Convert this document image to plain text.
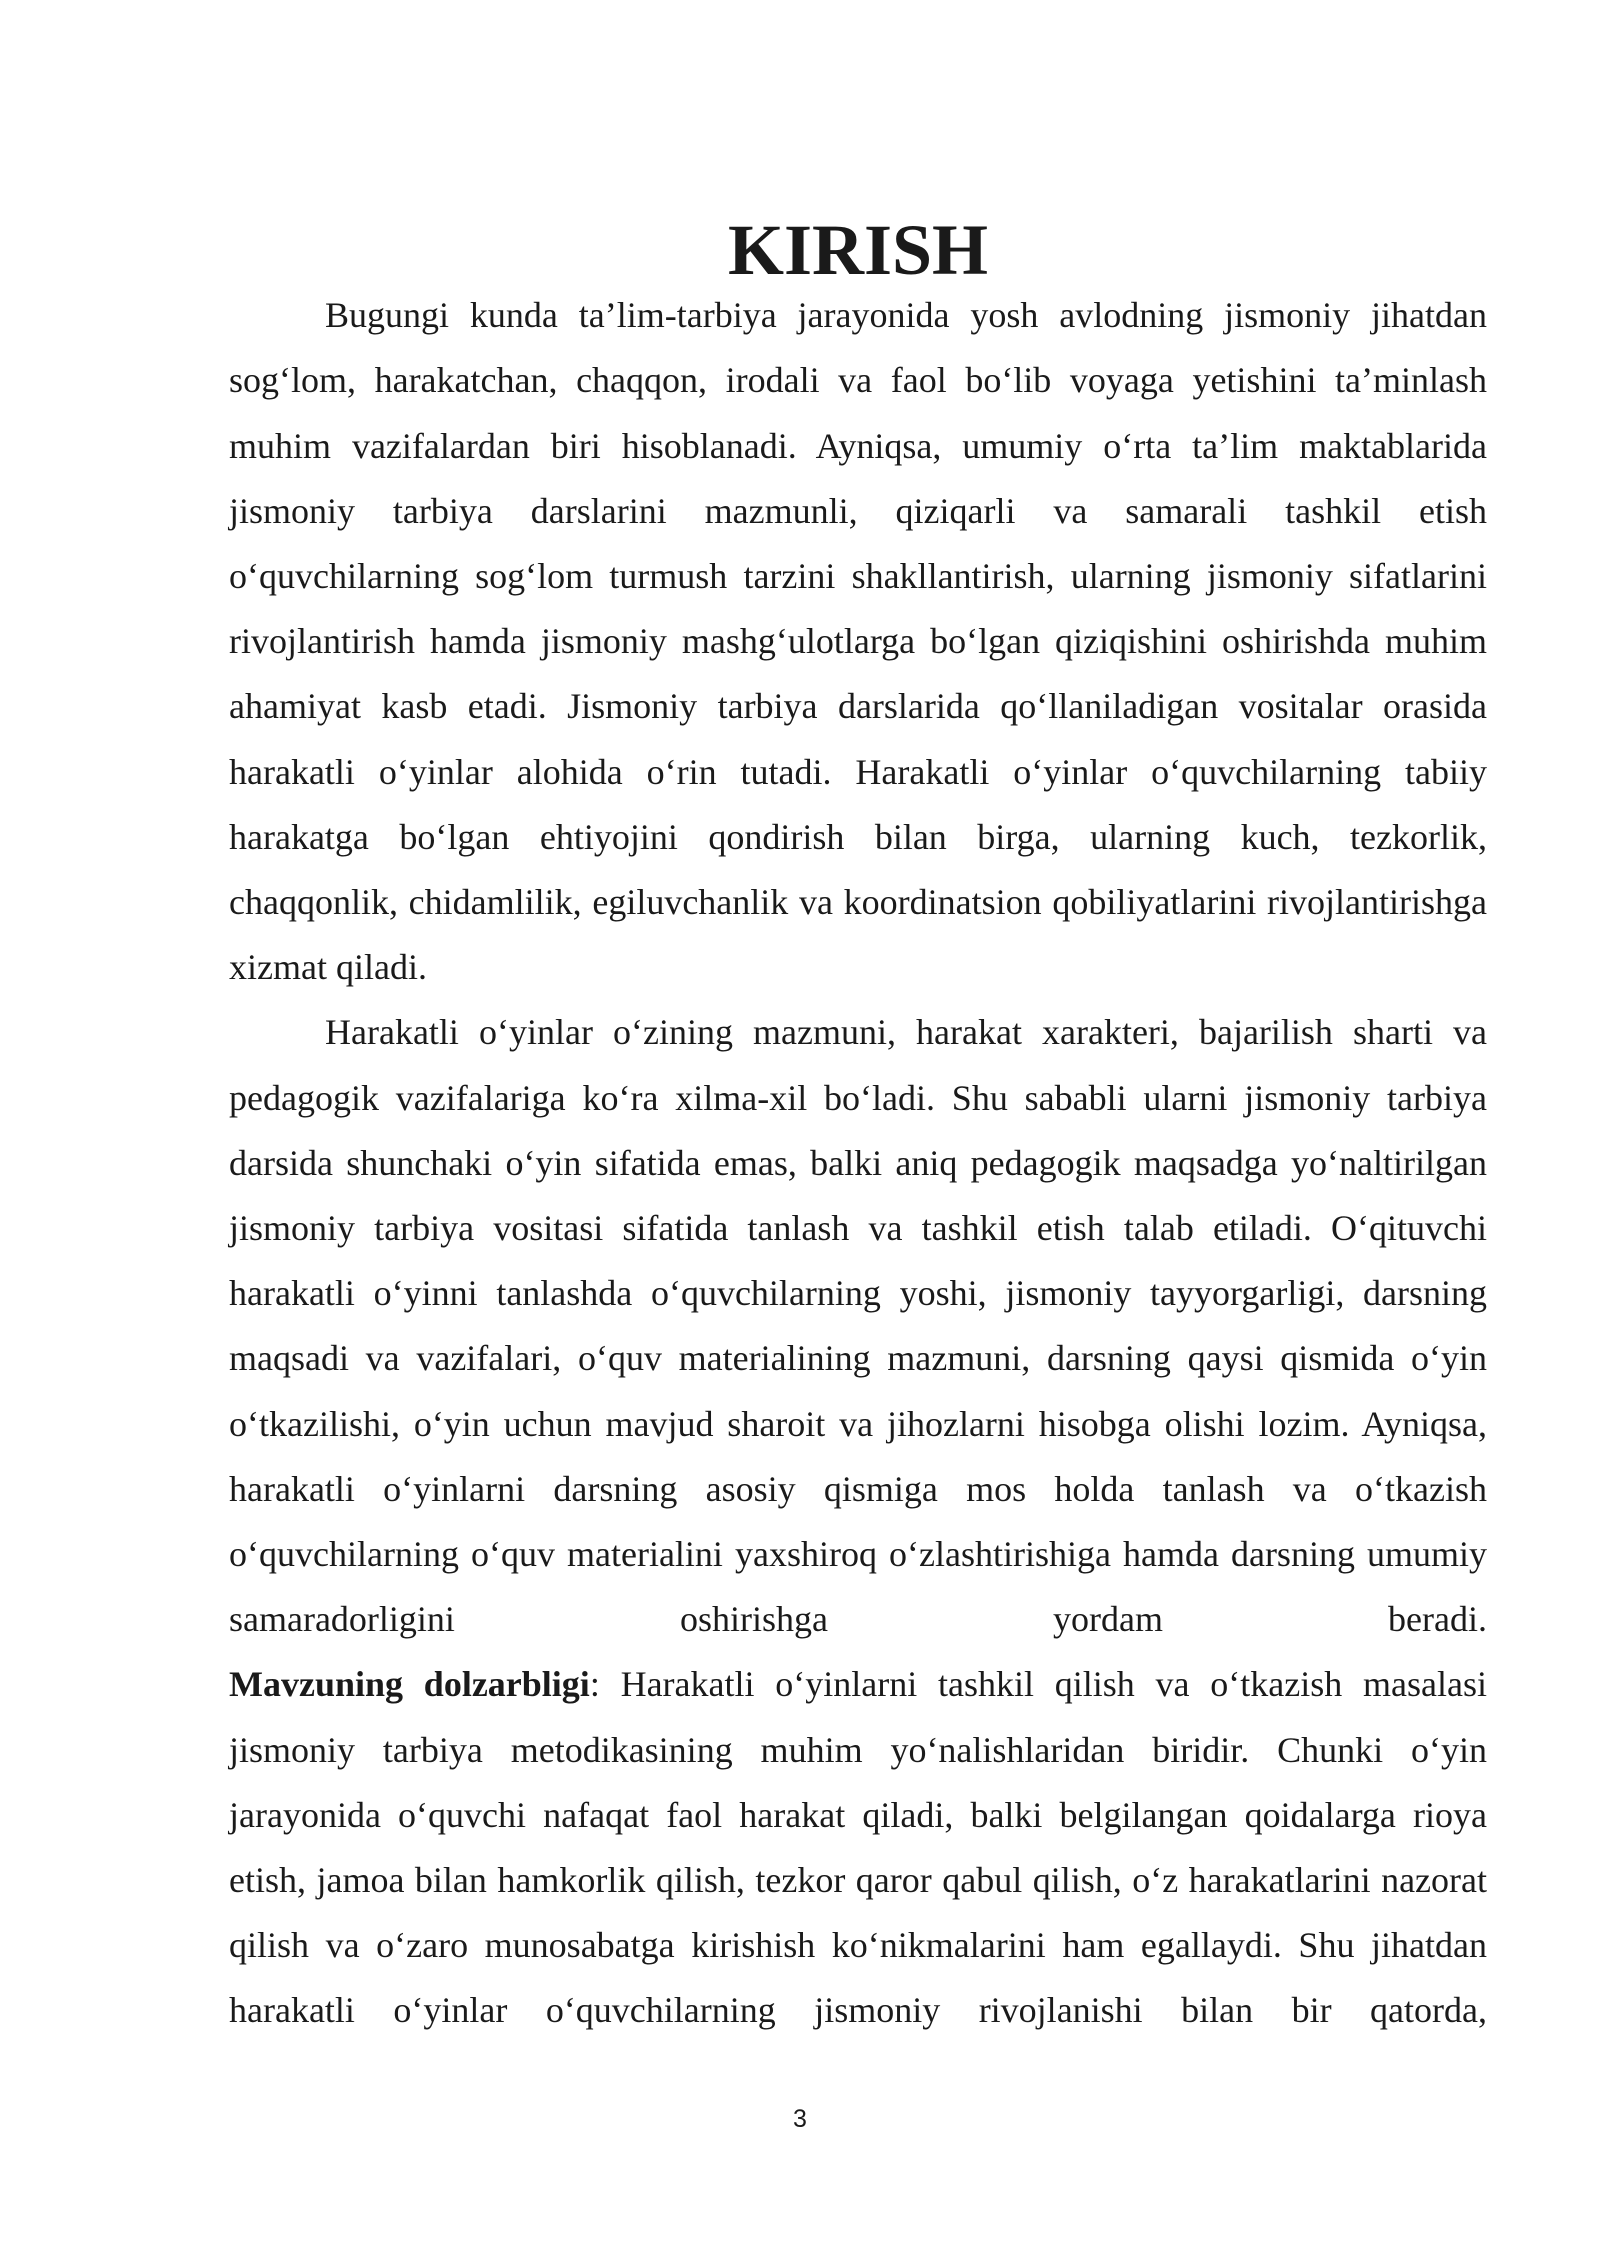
KIRISH

Bugungi kunda ta’lim-tarbiya jarayonida yosh avlodning jismoniy jihatdan sog‘lom, harakatchan, chaqqon, irodali va faol bo‘lib voyaga yetishini ta’minlash muhim vazifalardan biri hisoblanadi. Ayniqsa, umumiy o‘rta ta’lim maktablarida jismoniy tarbiya darslarini mazmunli, qiziqarli va samarali tashkil etish o‘quvchilarning sog‘lom turmush tarzini shakllantirish, ularning jismoniy sifatlarini rivojlantirish hamda jismoniy mashg‘ulotlarga bo‘lgan qiziqishini oshirishda muhim ahamiyat kasb etadi. Jismoniy tarbiya darslarida qo‘llaniladigan vositalar orasida harakatli o‘yinlar alohida o‘rin tutadi. Harakatli o‘yinlar o‘quvchilarning tabiiy harakatga bo‘lgan ehtiyojini qondirish bilan birga, ularning kuch, tezkorlik, chaqqonlik, chidamlilik, egiluvchanlik va koordinatsion qobiliyatlarini rivojlantirishga xizmat qiladi.

Harakatli o‘yinlar o‘zining mazmuni, harakat xarakteri, bajarilish sharti va pedagogik vazifalariga ko‘ra xilma-xil bo‘ladi. Shu sababli ularni jismoniy tarbiya darsida shunchaki o‘yin sifatida emas, balki aniq pedagogik maqsadga yo‘naltirilgan jismoniy tarbiya vositasi sifatida tanlash va tashkil etish talab etiladi. O‘qituvchi harakatli o‘yinni tanlashda o‘quvchilarning yoshi, jismoniy tayyorgarligi, darsning maqsadi va vazifalari, o‘quv materialining mazmuni, darsning qaysi qismida o‘yin o‘tkazilishi, o‘yin uchun mavjud sharoit va jihozlarni hisobga olishi lozim. Ayniqsa, harakatli o‘yinlarni darsning asosiy qismiga mos holda tanlash va o‘tkazish o‘quvchilarning o‘quv materialini yaxshiroq o‘zlashtirishiga hamda darsning umumiy samaradorligini oshirishga yordam beradi.

Mavzuning dolzarbligi: Harakatli o‘yinlarni tashkil qilish va o‘tkazish masalasi jismoniy tarbiya metodikasining muhim yo‘nalishlaridan biridir. Chunki o‘yin jarayonida o‘quvchi nafaqat faol harakat qiladi, balki belgilangan qoidalarga rioya etish, jamoa bilan hamkorlik qilish, tezkor qaror qabul qilish, o‘z harakatlarini nazorat qilish va o‘zaro munosabatga kirishish ko‘nikmalarini ham egallaydi. Shu jihatdan harakatli o‘yinlar o‘quvchilarning jismoniy rivojlanishi bilan bir qatorda,

3
